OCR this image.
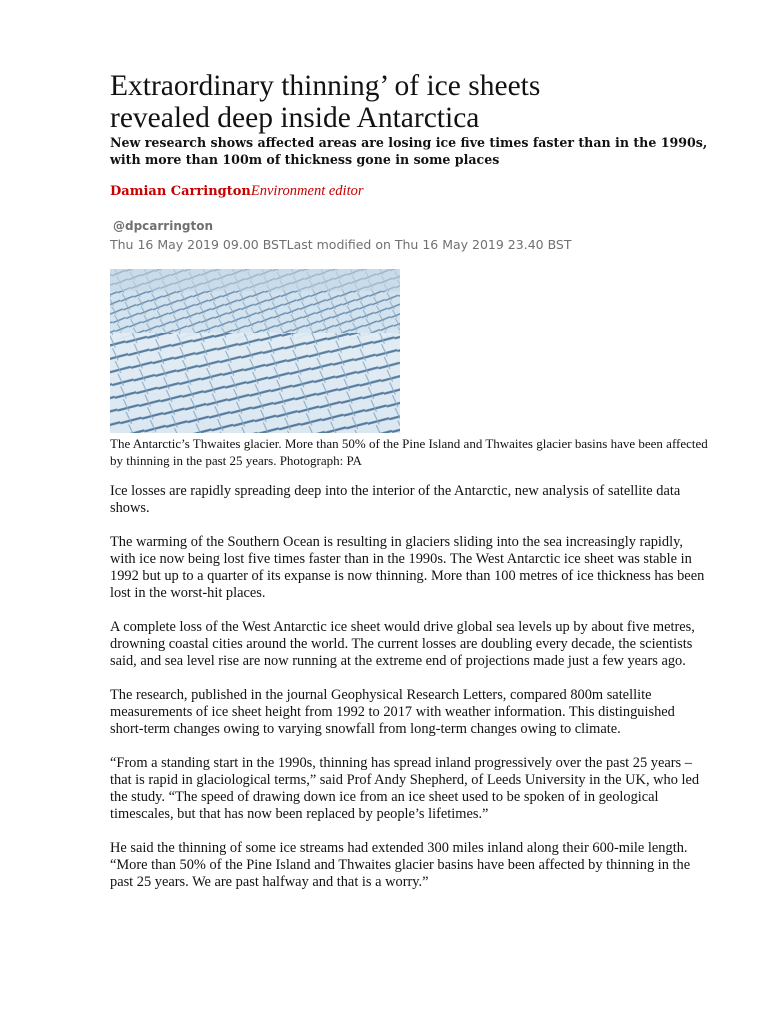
Extraordinary thinning’ of ice sheets
revealed deep inside Antarctica

New research shows affected areas are losing ice five times faster than in the 1990s, with more than 100m of thickness gone in some places

Damian CarringtonEnvironment editor
@dpcarrington
Thu 16 May 2019 09.00 BSTLast modified on Thu 16 May 2019 23.40 BST
The Antarctic’s Thwaites glacier. More than 50% of the Pine Island and Thwaites glacier basins have been affected by thinning in the past 25 years. Photograph: PA

Ice losses are rapidly spreading deep into the interior of the Antarctic, new analysis of satellite data shows.

The warming of the Southern Ocean is resulting in glaciers sliding into the sea increasingly rapidly, with ice now being lost five times faster than in the 1990s. The West Antarctic ice sheet was stable in 1992 but up to a quarter of its expanse is now thinning. More than 100 metres of ice thickness has been lost in the worst-hit places.

A complete loss of the West Antarctic ice sheet would drive global sea levels up by about five metres, drowning coastal cities around the world. The current losses are doubling every decade, the scientists said, and sea level rise are now running at the extreme end of projections made just a few years ago.

The research, published in the journal Geophysical Research Letters, compared 800m satellite measurements of ice sheet height from 1992 to 2017 with weather information. This distinguished short-term changes owing to varying snowfall from long-term changes owing to climate.

“From a standing start in the 1990s, thinning has spread inland progressively over the past 25 years – that is rapid in glaciological terms,” said Prof Andy Shepherd, of Leeds University in the UK, who led the study. “The speed of drawing down ice from an ice sheet used to be spoken of in geological timescales, but that has now been replaced by people’s lifetimes.”

He said the thinning of some ice streams had extended 300 miles inland along their 600-mile length. “More than 50% of the Pine Island and Thwaites glacier basins have been affected by thinning in the past 25 years. We are past halfway and that is a worry.”
